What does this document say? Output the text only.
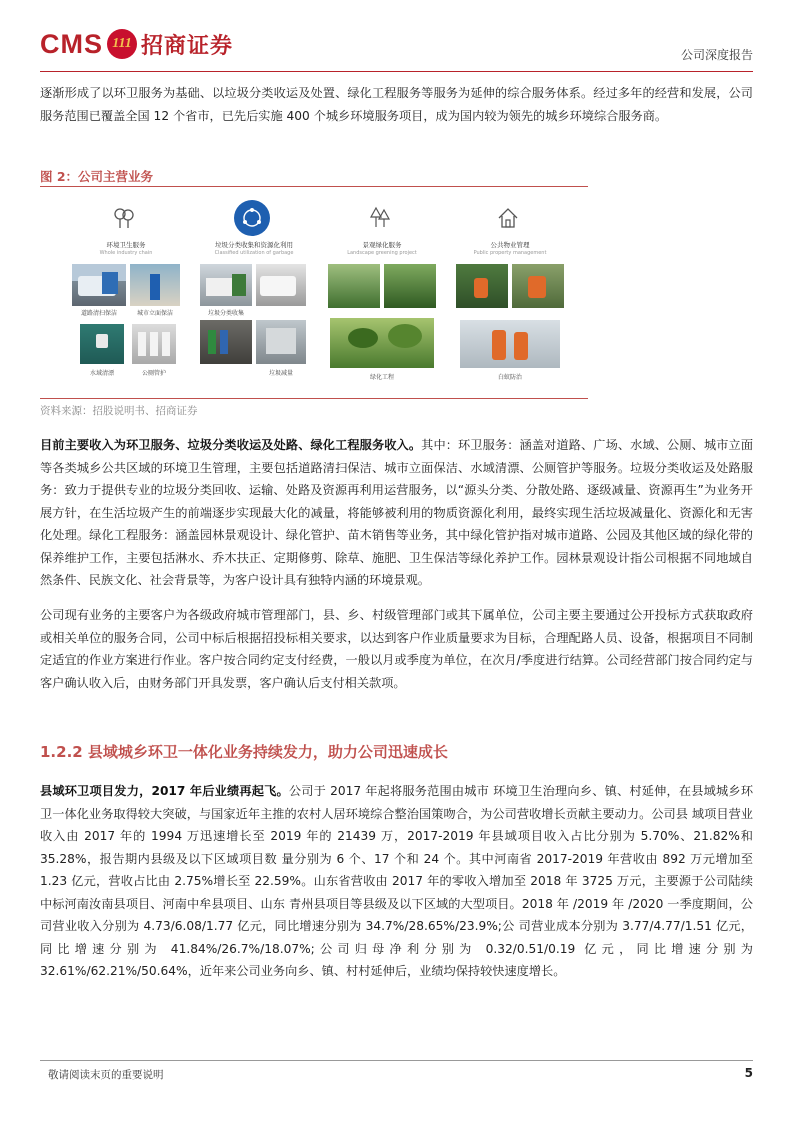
CMS 111 招商证券	公司深度报告

逐渐形成了以环卫服务为基础、以垃圾分类收运及处置、绿化工程服务等服务为延伸的综合服务体系。经过多年的经营和发展，公司服务范围已覆盖全国 12 个省市，已先后实施 400 个城乡环境服务项目，成为国内较为领先的城乡环境综合服务商。

图 2：公司主营业务
环境卫生服务
Whole industry chain
道路清扫保洁	城市立面保洁
水域清漂	公厕管护
垃圾分类收集和资源化利用
Classified utilization of garbage
垃圾分类收集
垃圾减量
景观绿化服务
Landscape greening project
绿化工程
公共物业管理
Public property management
白蚁防治
资料来源：招股说明书、招商证券

目前主要收入为环卫服务、垃圾分类收运及处路、绿化工程服务收入。其中：环卫服务：涵盖对道路、广场、水域、公厕、城市立面等各类城乡公共区域的环境卫生管理，主要包括道路清扫保洁、城市立面保洁、水域清漂、公厕管护等服务。垃圾分类收运及处路服务：致力于提供专业的垃圾分类回收、运输、处路及资源再利用运营服务，以“源头分类、分散处路、逐级减量、资源再生”为业务开展方针，在生活垃圾产生的前端逐步实现最大化的减量，将能够被利用的物质资源化利用，最终实现生活垃圾减量化、资源化和无害化处理。绿化工程服务：涵盖园林景观设计、绿化管护、苗木销售等业务，其中绿化管护指对城市道路、公园及其他区域的绿化带的保养维护工作，主要包括淋水、乔木扶正、定期修剪、除草、施肥、卫生保洁等绿化养护工作。园林景观设计指公司根据不同地域自然条件、民族文化、社会背景等，为客户设计具有独特内涵的环境景观。

公司现有业务的主要客户为各级政府城市管理部门，县、乡、村级管理部门或其下属单位，公司主要主要通过公开投标方式获取政府或相关单位的服务合同，公司中标后根据招投标相关要求，以达到客户作业质量要求为目标，合理配路人员、设备，根据项目不同制定适宜的作业方案进行作业。客户按合同约定支付经费，一般以月或季度为单位，在次月/季度进行结算。公司经营部门按合同约定与客户确认收入后，由财务部门开具发票，客户确认后支付相关款项。

1.2.2 县域城乡环卫一体化业务持续发力，助力公司迅速成长

县域环卫项目发力，2017 年后业绩再起飞。公司于 2017 年起将服务范围由城市 环境卫生治理向乡、镇、村延伸，在县域城乡环卫一体化业务取得较大突破，与国家近年主推的农村人居环境综合整治国策吻合，为公司营收增长贡献主要动力。公司县 域项目营业收入由 2017 年的 1994 万迅速增长至 2019 年的 21439 万，2017-2019 年县域项目收入占比分别为 5.70%、21.82%和 35.28%，报告期内县级及以下区域项目数 量分别为 6 个、17 个和 24 个。其中河南省 2017-2019 年营收由 892 万元增加至 1.23 亿元，营收占比由 2.75%增长至 22.59%。山东省营收由 2017 年的零收入增加至 2018 年 3725 万元，主要源于公司陆续中标河南汝南县项目、河南中牟县项目、山东 青州县项目等县级及以下区域的大型项目。2018 年 /2019 年 /2020 一季度期间，公 司营业收入分别为 4.73/6.08/1.77 亿元，同比增速分别为 34.7%/28.65%/23.9%;公 司营业成本分别为 3.77/4.77/1.51 亿元，同比增速分别为 41.84%/26.7%/18.07%;公司归母净利分别为 0.32/0.51/0.19 亿元，同比增速分别为 32.61%/62.21%/50.64%，近年来公司业务向乡、镇、村村延伸后，业绩均保持较快速度增长。

敬请阅读末页的重要说明	5
